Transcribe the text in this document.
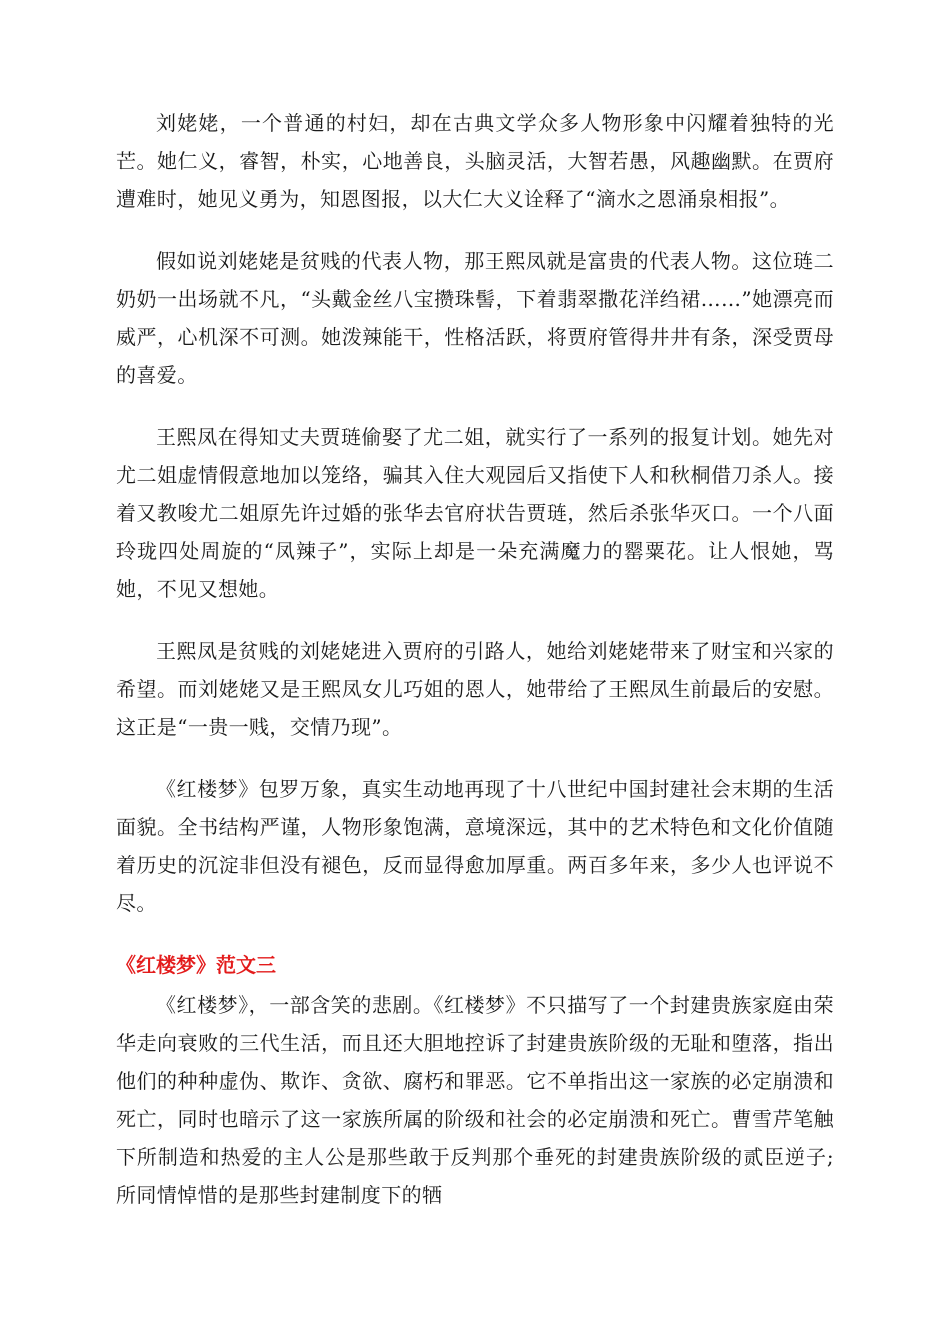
刘姥姥，一个普通的村妇，却在古典文学众多人物形象中闪耀着独特的光芒。她仁义，睿智，朴实，心地善良，头脑灵活，大智若愚，风趣幽默。在贾府遭难时，她见义勇为，知恩图报，以大仁大义诠释了“滴水之恩涌泉相报”。

假如说刘姥姥是贫贱的代表人物，那王熙凤就是富贵的代表人物。这位琏二奶奶一出场就不凡，“头戴金丝八宝攒珠髻，下着翡翠撒花洋绉裙……”她漂亮而威严，心机深不可测。她泼辣能干，性格活跃，将贾府管得井井有条，深受贾母的喜爱。

王熙凤在得知丈夫贾琏偷娶了尤二姐，就实行了一系列的报复计划。她先对尤二姐虚情假意地加以笼络，骗其入住大观园后又指使下人和秋桐借刀杀人。接着又教唆尤二姐原先许过婚的张华去官府状告贾琏，然后杀张华灭口。一个八面玲珑四处周旋的“凤辣子”，实际上却是一朵充满魔力的罂粟花。让人恨她，骂她，不见又想她。

王熙凤是贫贱的刘姥姥进入贾府的引路人，她给刘姥姥带来了财宝和兴家的希望。而刘姥姥又是王熙凤女儿巧姐的恩人，她带给了王熙凤生前最后的安慰。这正是“一贵一贱，交情乃现”。

《红楼梦》包罗万象，真实生动地再现了十八世纪中国封建社会末期的生活面貌。全书结构严谨，人物形象饱满，意境深远，其中的艺术特色和文化价值随着历史的沉淀非但没有褪色，反而显得愈加厚重。两百多年来，多少人也评说不尽。

《红楼梦》范文三

《红楼梦》，一部含笑的悲剧。《红楼梦》不只描写了一个封建贵族家庭由荣华走向衰败的三代生活，而且还大胆地控诉了封建贵族阶级的无耻和堕落，指出他们的种种虚伪、欺诈、贪欲、腐朽和罪恶。它不单指出这一家族的必定崩溃和死亡，同时也暗示了这一家族所属的阶级和社会的必定崩溃和死亡。曹雪芹笔触下所制造和热爱的主人公是那些敢于反判那个垂死的封建贵族阶级的贰臣逆子;所同情悼惜的是那些封建制度下的牺
